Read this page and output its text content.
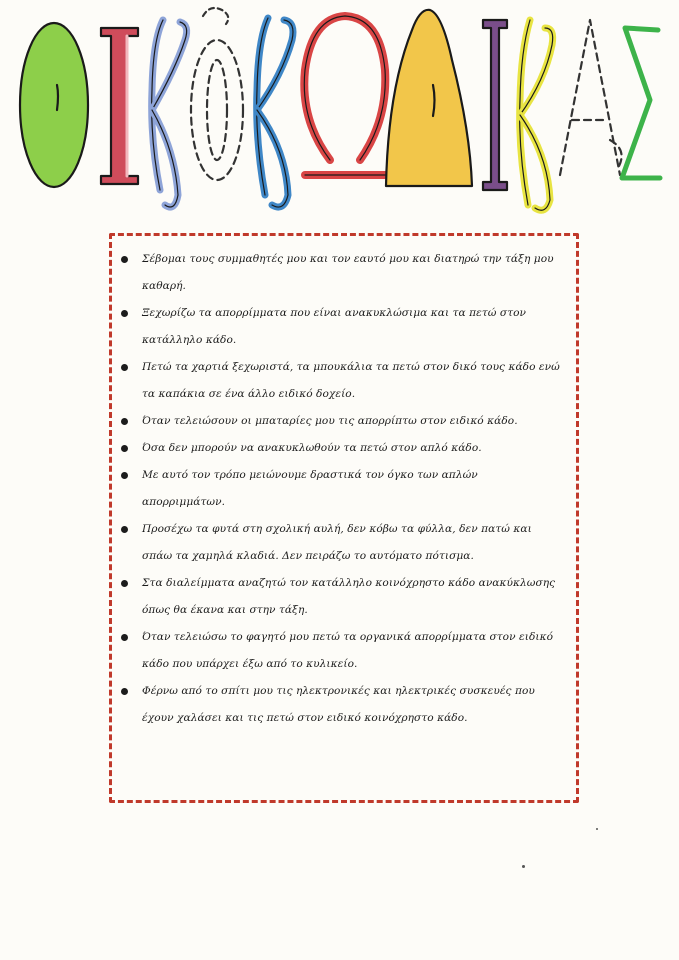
Σέβομαι τους συμμαθητές μου και τον εαυτό μου και διατηρώ την τάξη μου καθαρή.
Ξεχωρίζω τα απορρίμματα που είναι ανακυκλώσιμα και τα πετώ στον κατάλληλο κάδο.
Πετώ τα χαρτιά ξεχωριστά, τα μπουκάλια τα πετώ στον δικό τους κάδο ενώ τα καπάκια σε ένα άλλο ειδικό δοχείο.
Όταν τελειώσουν οι μπαταρίες μου τις απορρίπτω στον ειδικό κάδο.
Όσα δεν μπορούν να ανακυκλωθούν τα πετώ στον απλό κάδο.
Με αυτό τον τρόπο μειώνουμε δραστικά τον όγκο των απλών απορριμμάτων.
Προσέχω τα φυτά στη σχολική αυλή, δεν κόβω τα φύλλα, δεν πατώ και σπάω τα χαμηλά κλαδιά. Δεν πειράζω το αυτόματο πότισμα.
Στα διαλείμματα αναζητώ τον κατάλληλο κοινόχρηστο κάδο ανακύκλωσης όπως θα έκανα και στην τάξη.
Όταν τελειώσω το φαγητό μου πετώ τα οργανικά απορρίμματα στον ειδικό κάδο που υπάρχει έξω από το κυλικείο.
Φέρνω από το σπίτι μου τις ηλεκτρονικές και ηλεκτρικές συσκευές που έχουν χαλάσει και τις πετώ στον ειδικό κοινόχρηστο κάδο.
